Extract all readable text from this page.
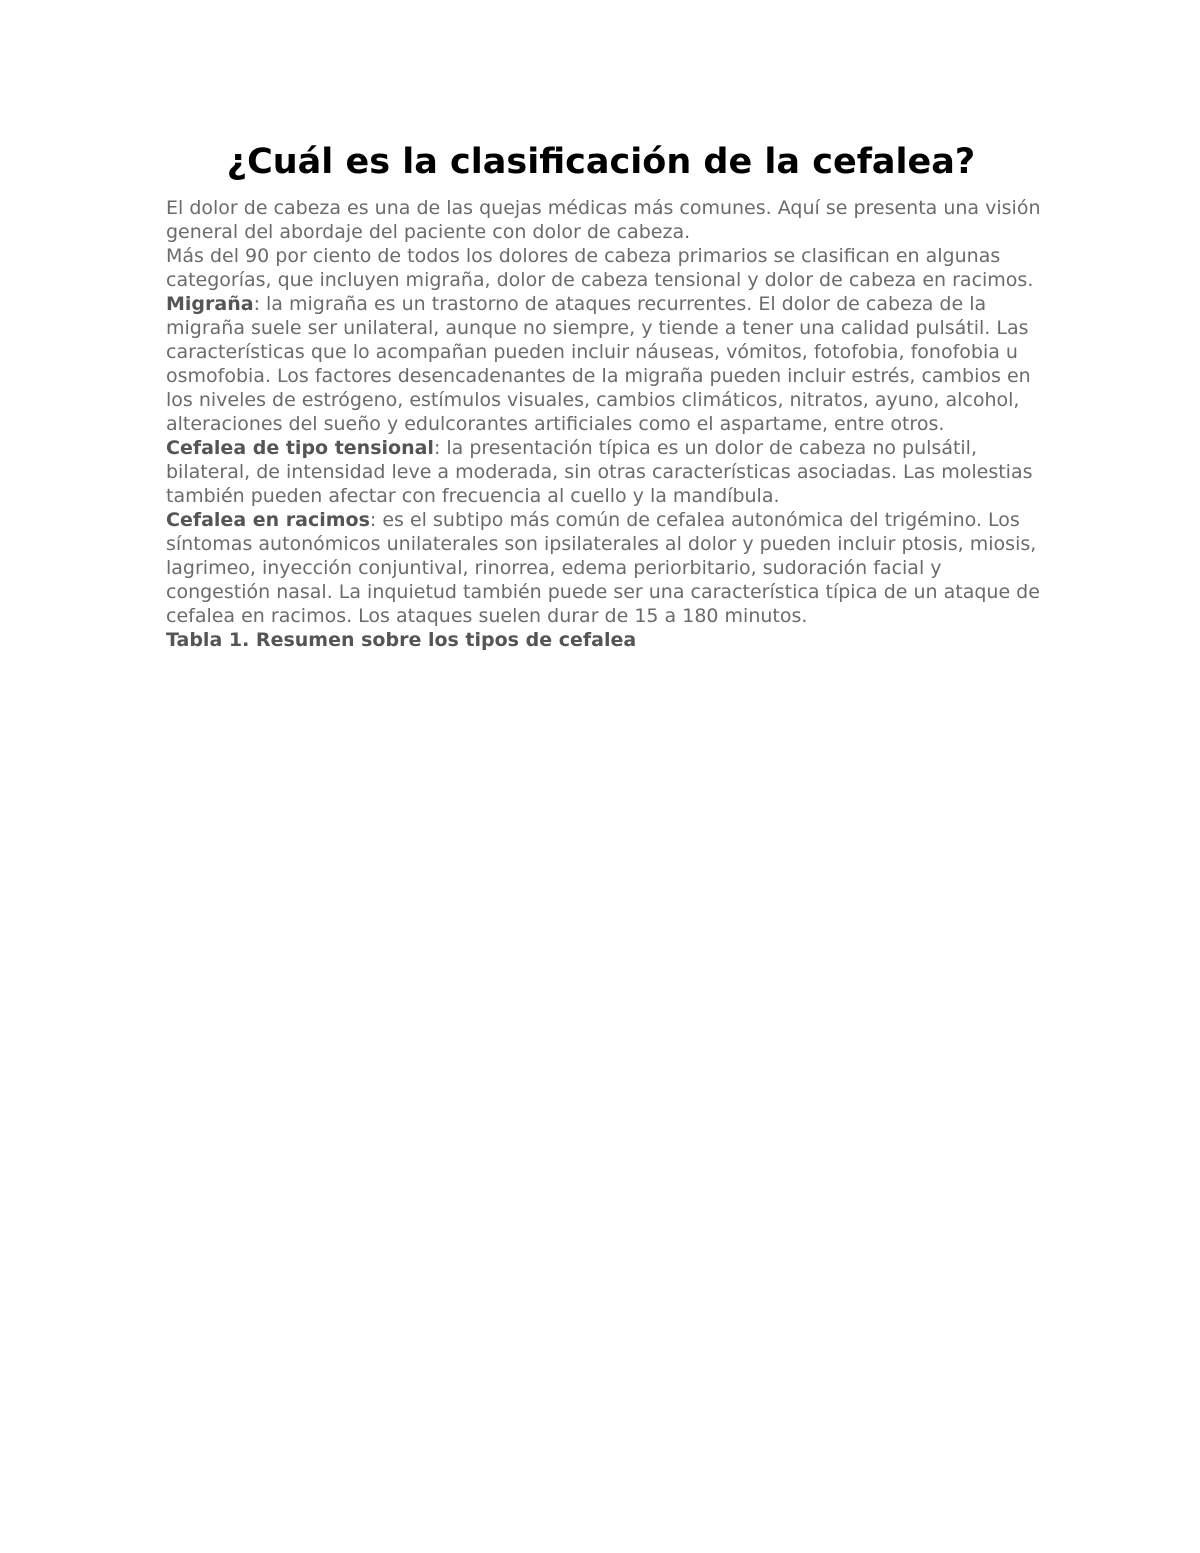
¿Cuál es la clasificación de la cefalea?

El dolor de cabeza es una de las quejas médicas más comunes. Aquí se presenta una visión general del abordaje del paciente con dolor de cabeza.

Más del 90 por ciento de todos los dolores de cabeza primarios se clasifican en algunas categorías, que incluyen migraña, dolor de cabeza tensional y dolor de cabeza en racimos.

Migraña: la migraña es un trastorno de ataques recurrentes. El dolor de cabeza de la migraña suele ser unilateral, aunque no siempre, y tiende a tener una calidad pulsátil. Las características que lo acompañan pueden incluir náuseas, vómitos, fotofobia, fonofobia u osmofobia. Los factores desencadenantes de la migraña pueden incluir estrés, cambios en los niveles de estrógeno, estímulos visuales, cambios climáticos, nitratos, ayuno, alcohol, alteraciones del sueño y edulcorantes artificiales como el aspartame, entre otros.

Cefalea de tipo tensional: la presentación típica es un dolor de cabeza no pulsátil, bilateral, de intensidad leve a moderada, sin otras características asociadas. Las molestias también pueden afectar con frecuencia al cuello y la mandíbula.

Cefalea en racimos: es el subtipo más común de cefalea autonómica del trigémino. Los síntomas autonómicos unilaterales son ipsilaterales al dolor y pueden incluir ptosis, miosis, lagrimeo, inyección conjuntival, rinorrea, edema periorbitario, sudoración facial y congestión nasal. La inquietud también puede ser una característica típica de un ataque de cefalea en racimos. Los ataques suelen durar de 15 a 180 minutos.

Tabla 1. Resumen sobre los tipos de cefalea
